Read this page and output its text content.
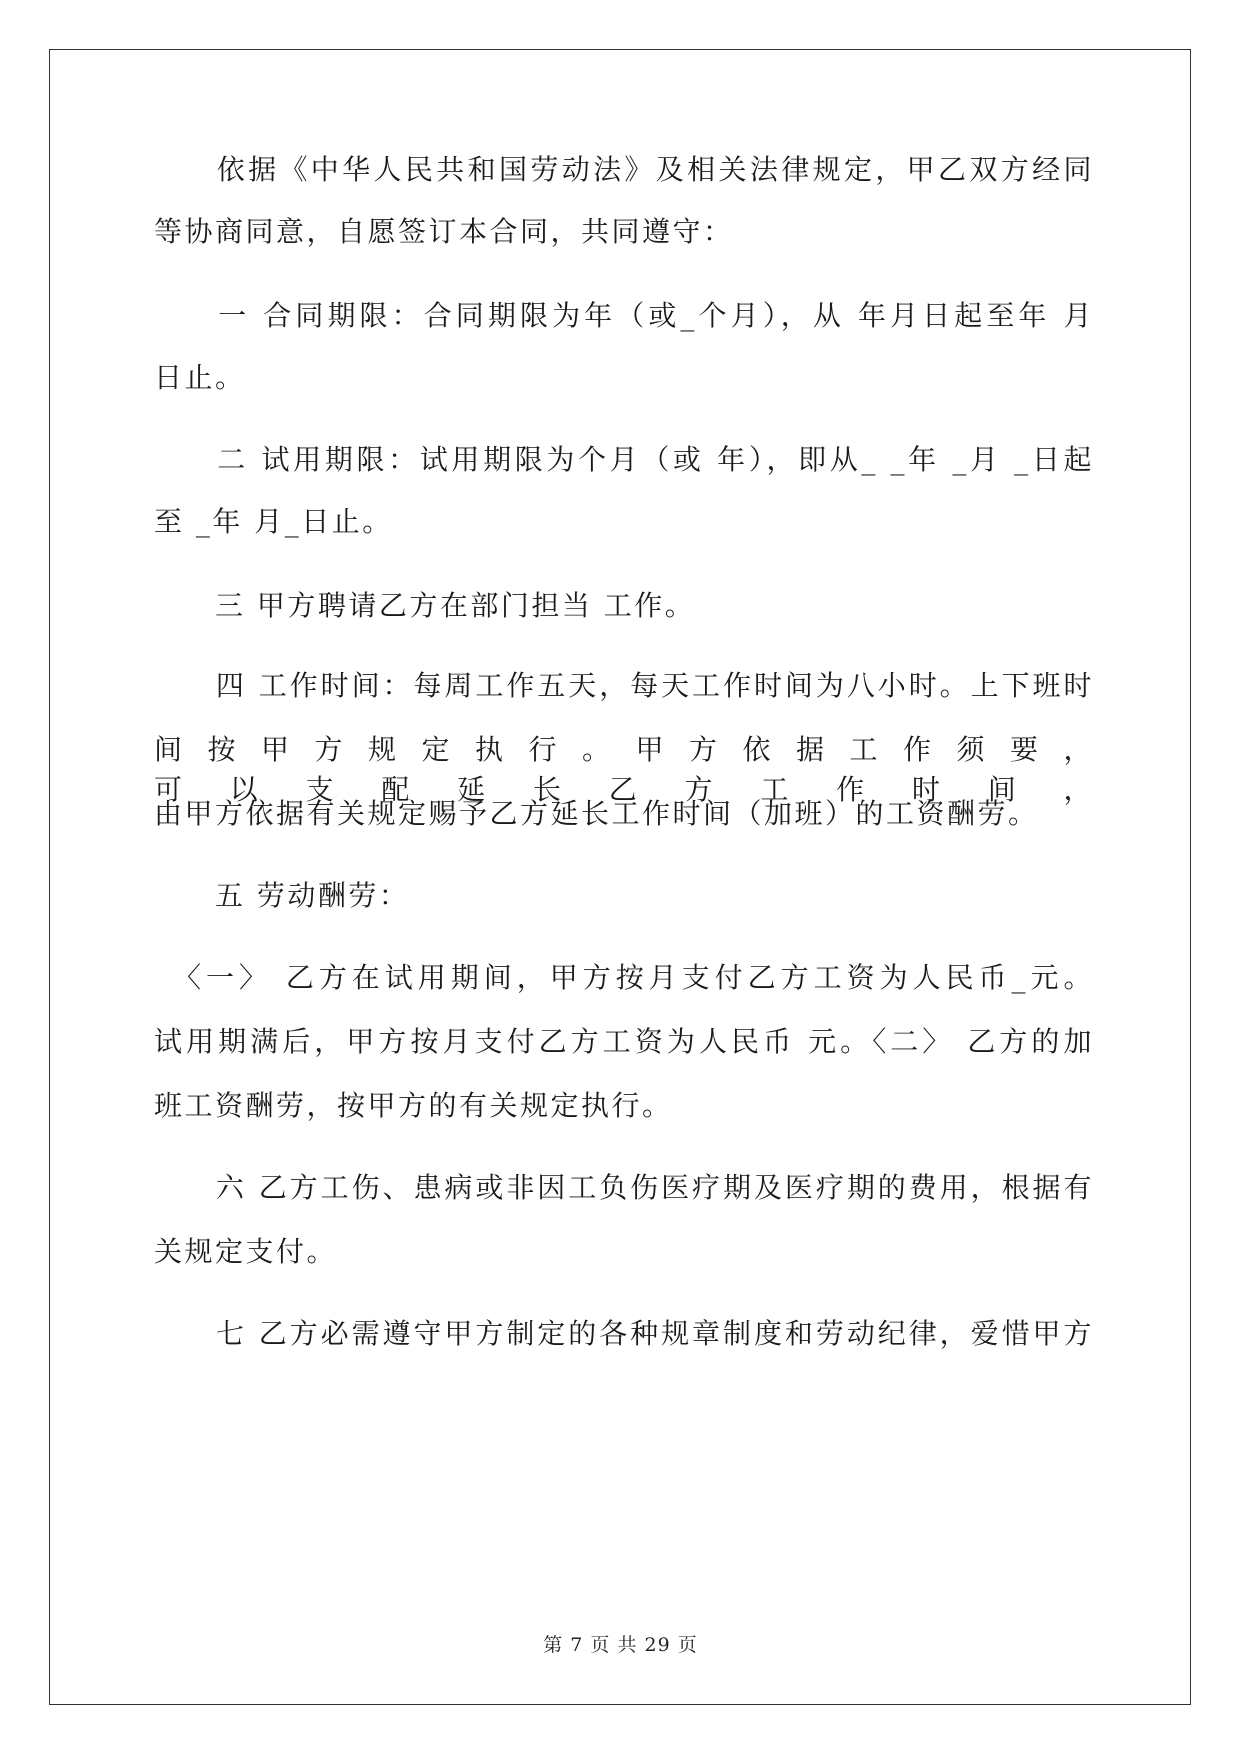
　　依据《中华人民共和国劳动法》及相关法律规定，甲乙双方经同
等协商同意，自愿签订本合同，共同遵守：
　　一 合同期限：合同期限为年（或_个月），从 年月日起至年 月
日止。
　　二 试用期限：试用期限为个月（或 年），即从_ _年 _月 _日起
至 _年 月_日止。
　　三 甲方聘请乙方在部门担当 工作。
　　四 工作时间：每周工作五天，每天工作时间为八小时。上下班时
间按甲方规定执行。甲方依据工作须要，可以支配延长乙方工作时间，
由甲方依据有关规定赐予乙方延长工作时间（加班）的工资酬劳。
　　五 劳动酬劳：
　〈一〉 乙方在试用期间，甲方按月支付乙方工资为人民币_元。
试用期满后，甲方按月支付乙方工资为人民币 元。〈二〉 乙方的加
班工资酬劳，按甲方的有关规定执行。
　　六 乙方工伤、患病或非因工负伤医疗期及医疗期的费用，根据有
关规定支付。
　　七 乙方必需遵守甲方制定的各种规章制度和劳动纪律，爱惜甲方
第 7 页 共 29 页
